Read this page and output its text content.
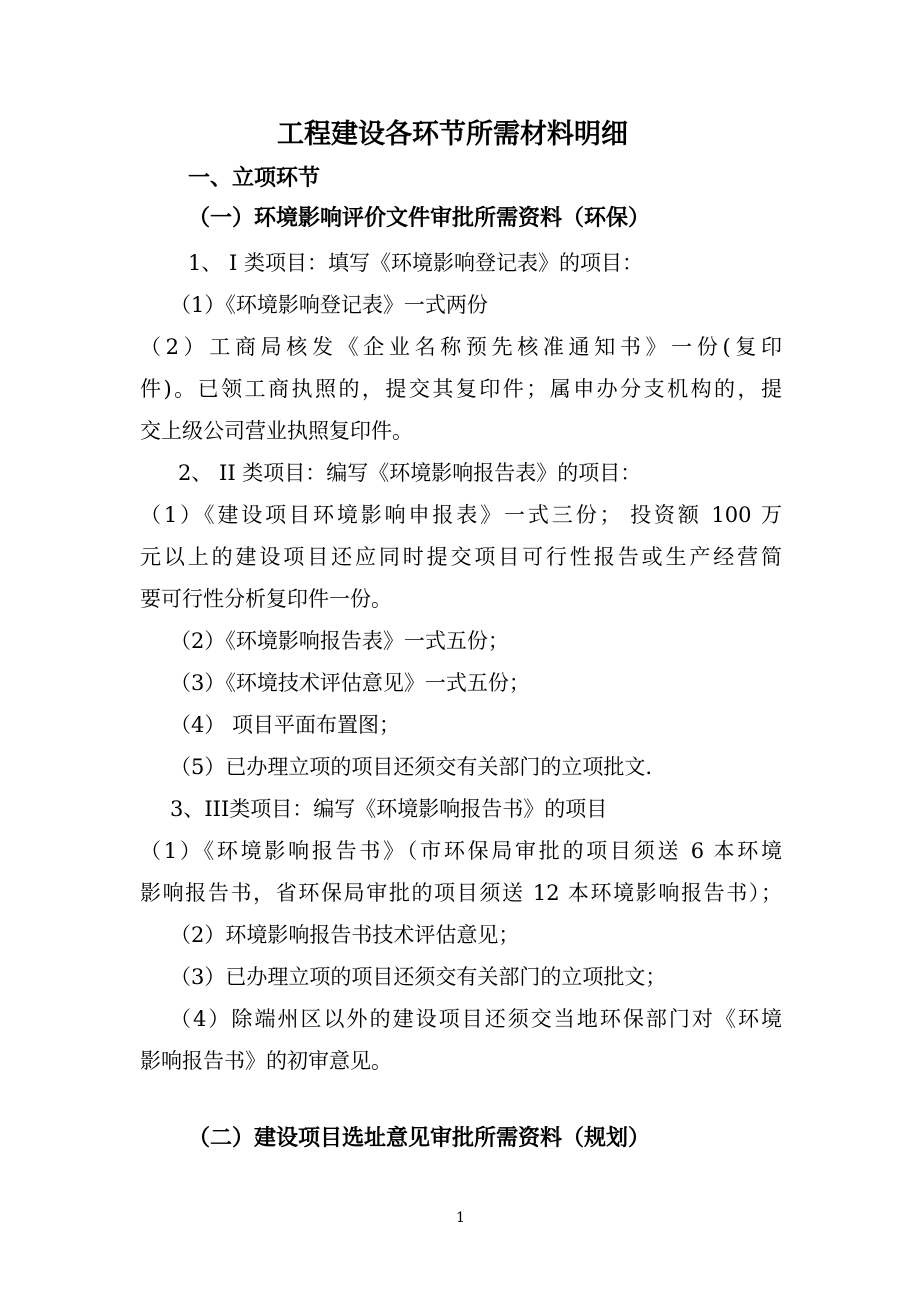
工程建设各环节所需材料明细
一、立项环节
（一）环境影响评价文件审批所需资料（环保）
1、 I 类项目：填写《环境影响登记表》的项目：
（1）《环境影响登记表》一式两份
（2）工商局核发《企业名称预先核准通知书》一份(复印
件)。已领工商执照的，提交其复印件；属申办分支机构的，提
交上级公司营业执照复印件。
2、 II 类项目：编写《环境影响报告表》的项目：
（1）《建设项目环境影响申报表》一式三份； 投资额 100 万
元以上的建设项目还应同时提交项目可行性报告或生产经营简
要可行性分析复印件一份。
（2）《环境影响报告表》一式五份；
（3）《环境技术评估意见》一式五份；
（4） 项目平面布置图；
（5）已办理立项的项目还须交有关部门的立项批文.
3、III类项目：编写《环境影响报告书》的项目
（1）《环境影响报告书》（市环保局审批的项目须送 6 本环境
影响报告书，省环保局审批的项目须送 12 本环境影响报告书）；
（2）环境影响报告书技术评估意见；
（3）已办理立项的项目还须交有关部门的立项批文；
（4）除端州区以外的建设项目还须交当地环保部门对《环境
影响报告书》的初审意见。
（二）建设项目选址意见审批所需资料（规划）
1
